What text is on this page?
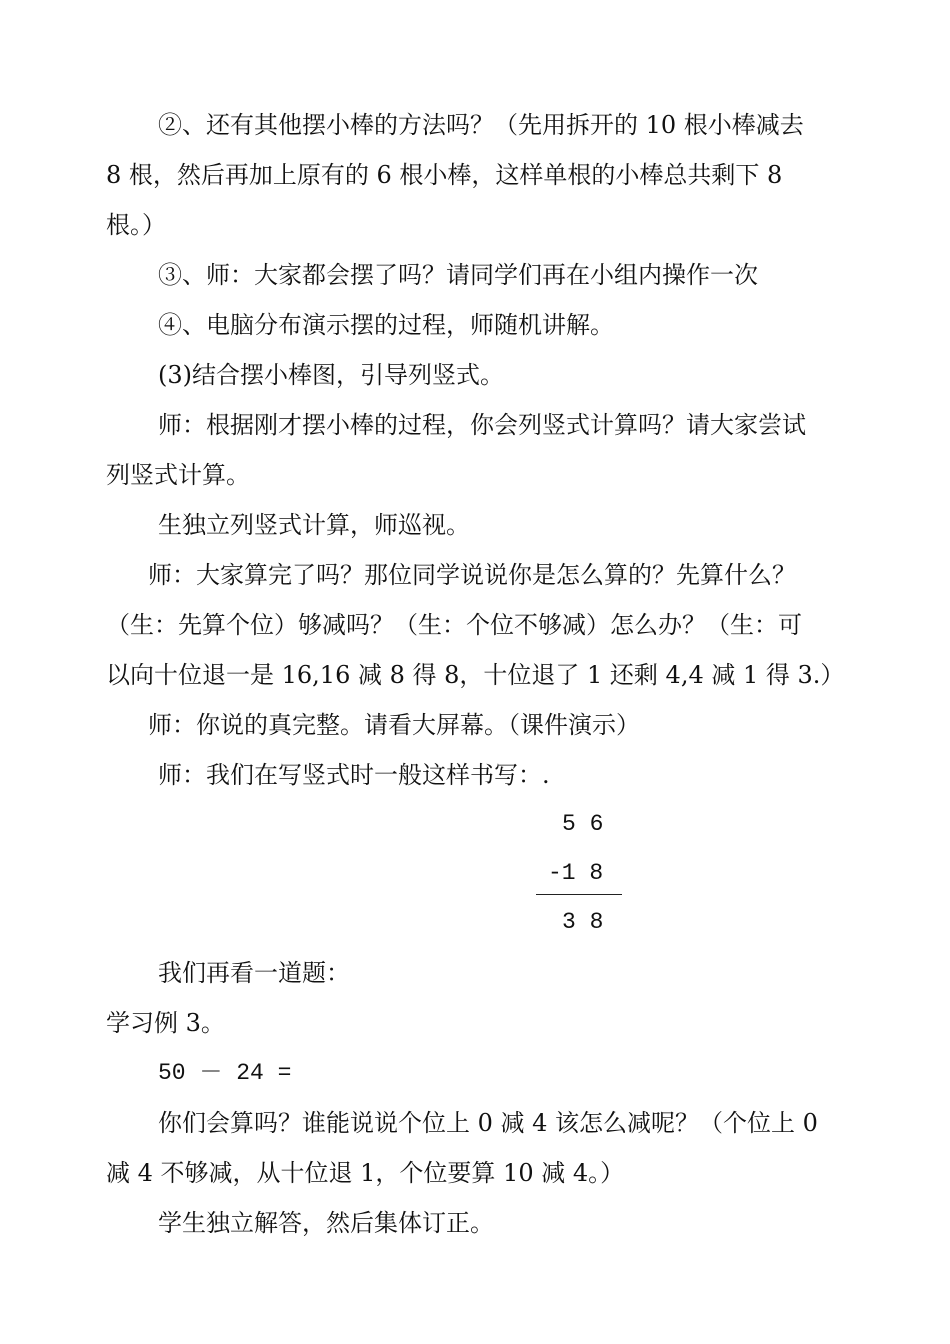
②、还有其他摆小棒的方法吗？（先用拆开的 10 根小棒减去
8 根，然后再加上原有的 6 根小棒，这样单根的小棒总共剩下 8
根。）
③、师：大家都会摆了吗？请同学们再在小组内操作一次
④、电脑分布演示摆的过程，师随机讲解。
(3)结合摆小棒图，引导列竖式。
师：根据刚才摆小棒的过程，你会列竖式计算吗？请大家尝试
列竖式计算。
生独立列竖式计算，师巡视。
师：大家算完了吗？那位同学说说你是怎么算的？先算什么？
（生：先算个位）够减吗？（生：个位不够减）怎么办？（生：可
以向十位退一是 16,16 减 8 得 8，十位退了 1 还剩 4,4 减 1 得 3.）
师：你说的真完整。请看大屏幕。（课件演示）
师：我们在写竖式时一般这样书写：.
5 6
-1 8
3 8
我们再看一道题：
学习例 3。
50 － 24 =
你们会算吗？谁能说说个位上 0 减 4 该怎么减呢？（个位上 0
减 4 不够减，从十位退 1，个位要算 10 减 4。）
学生独立解答，然后集体订正。
